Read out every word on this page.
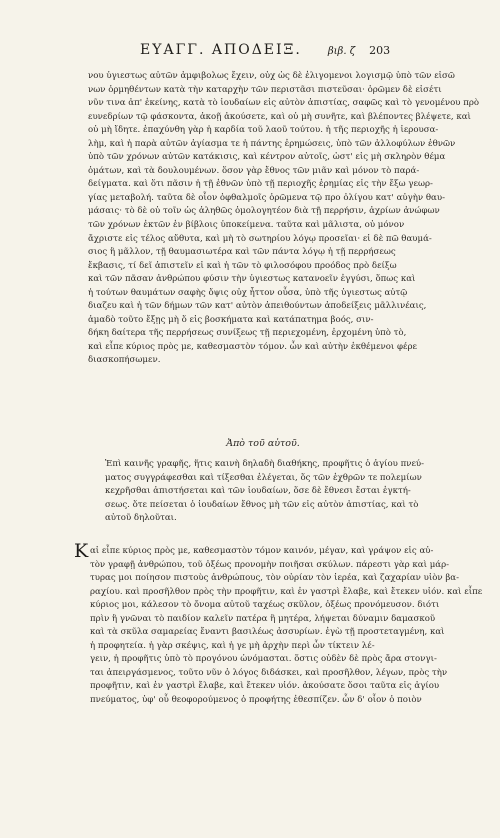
ΕΥΑΓΓ. ΑΠΟΔΕΙΞ.	βιβ. ζ 203
νου ὑγιεστως αὐτῶν ἀμφιβολως ἔχειν, οὐχ ὡς δὲ ἐλιγομενοι λογισμῷ ὑπὸ τῶν εἰσῶ
νων ὁρμηθέντων κατὰ τὴν καταρχὴν τῶν περιστᾶσι πιστεῦσαι· ὁρῶμεν δὲ εἰσέτι
νῦν τινα ἀπ' ἐκείνης, κατὰ τὸ ἰουδαίων εἰς αὐτὸν ἀπιστίας, σαφῶς καὶ τὸ γενομένου πρὸ
ευνεδρίων τῷ φάσκοντα, ἀκοῇ ἀκούσετε, καὶ οὐ μὴ συνῆτε, καὶ βλέποντες βλέψετε, καὶ
οὐ μὴ ἴδητε. ἐπαχύνθη γὰρ ἡ καρδία τοῦ λαοῦ τούτου. ἡ τῆς περιοχῆς ἡ ἱερουσα-
λὴμ, καὶ ἡ παρὰ αὐτῶν ἁγίασμα τε ἡ πάντης ἐρημώσεις, ὑπὸ τῶν ἀλλοφύλων ἐθνῶν
ὑπὸ τῶν χρόνων αὐτῶν κατάκισις, καὶ κέντρον αὐτοῖς, ὡστ' εἰς μὴ σκληρὸν θέμα
ὁμάτων, καὶ τὰ δουλουμένων. ὅσον γὰρ ἔθνος τῶν μιᾶν καὶ μόνον τὸ παρά-
δείγματα. καὶ ὅτι πᾶσιν ἡ τῇ ἐθνῶν ὑπὸ τῇ περιοχῆς ἐρημίας εἰς τὴν ἔξω γεωρ-
γίας μεταβολή. ταῦτα δὲ οἷον ὀφθαλμοῖς ὁρῶμενα τῷ προ ὀλίγου κατ' αὐγὴν θαυ-
μάσαις· τὸ δὲ οὐ τοῖν ὡς ἀληθῶς ὁμολογητέον διὰ τῇ περρήσιν, ἀχρίων ἀνώφων
τῶν χρόνων ἐκτῶν ἐν βίβλοις ὑποκείμενα. ταῦτα καὶ μᾶλιστα, οὐ μόνον
ἄχριστε εἰς τέλος αὔθυτα, καὶ μὴ τὸ σωτηρίου λόγῳ προσεῖαι· εἰ δὲ πῶ θαυμά-
σιος ἢ μᾶλλον, τῇ θαυμασιωτέρα καὶ τῶν πάντα λόγῳ ἡ τῇ περρήσεως
ἔκβασις, τί δεῖ ἀπιστεῖν εἰ καὶ ἡ τῶν τὸ φιλοσόφου προόδος πρὸ δείξω
καὶ τῶν πᾶσαν ἀνθρώπου φύσιν τὴν ὑγιεστως κατανοεῖν ἐγγύσι, ὅπως καὶ
ἡ τούτων θαυμάτων σαφὴς ὄψις οὐχ ἧττον οὖσα, ὑπὸ τῆς ὑγιεστως αὐτῷ
διαζευ καὶ ἡ τῶν δήμων τῶν κατ' αὐτὸν ἀπειθούντων ἀποδείξεις μᾶλλινέαις,
ἀμαδὸ τοῦτο ἔξῃς μὴ ὅ εἰς βοσκήματα καὶ κατάπατημα βοός, σιν-
δήκη δαίτερα τῆς περρήσεως συνίξεως τῇ περιεχομένη, ἐρχομένη ὑπὸ τὸ,
καὶ εἶπε κύριος πρὸς με, καθεσμαστὸν τόμον. ὧν καὶ αὐτὴν ἐκθέμενοι φέρε
διασκοπήσωμεν.
Ἀπὸ τοῦ αὐτοῦ.
Ἐπὶ καινῆς γραφῆς, ἥτις καινὴ δηλαδὴ διαθήκης, προφῆτις ὁ ἁγίου πνεύ-
ματος συγγράφεσθαι καὶ τίξεσθαι ἐλέγεται, ὅς τῶν ἐχθρῶν τε πολεμίων
κεχρῆσθαι ἀπιστήσεται καὶ τῶν ἰουδαίων, ὅσε δὲ ἔθνεσι ἔσται ἐγκτή-
σεως. ὅτε πείσεται ὁ ἰουδαίων ἔθνος μὴ τῶν εἰς αὐτὸν ἀπιστίας, καὶ τὸ
αὐτοῦ δηλοῦται.
Κ αἱ εἶπε κύριος πρὸς με, καθεσμαστὸν τόμον καινόν, μέγαν, καὶ γράψον εἰς αὐ-
τὸν γραφῇ ἀνθρώπου, τοῦ ὀξέως προνομὴν ποιῆσαι σκύλων. πάρεστι γὰρ καὶ μάρ-
τυρας μοι ποίησον πιστοὺς ἀνθρώπους, τὸν οὐρίαν τὸν ἱερέα, καὶ ζαχαρίαν υἱὸν βα-
ραχίου. καὶ προσῆλθον πρὸς τὴν προφῆτιν, καὶ ἐν γαστρὶ ἔλαβε, καὶ ἔτεκεν υἱόν. καὶ εἶπε
κύριος μοι, κάλεσον τὸ ὄνομα αὐτοῦ ταχέως σκῦλον, ὀξέως προνόμευσον. διότι
πρὶν ἢ γνῶναι τὸ παιδίον καλεῖν πατέρα ἢ μητέρα, λήψεται δύναμιν δαμασκοῦ
καὶ τὰ σκῦλα σαμαρείας ἔναντι βασιλέως ἀσσυρίων. ἐγὼ τῇ προστεταγμένη, καὶ
ἡ προφητεία. ἡ γὰρ σκέψις, καὶ ἡ γε μὴ ἀρχὴν περὶ ὧν τίκτειν λέ-
γειν, ἡ προφῆτις ὑπὸ τὸ προγόνου ὠνόμασται. ὅστις οὐδὲν δὲ πρὸς ἄρα στονγι-
ται ἀπειργάσμενος, τοῦτο νῦν ὁ λόγος διδάσκει, καὶ προσῆλθον, λέγων, πρὸς τὴν
προφῆτιν, καὶ ἐν γαστρὶ ἔλαβε, καὶ ἔτεκεν υἱόν. ἀκούσατε ὅσοι ταῦτα εἰς ἀγίου
πνεύματος, ὑφ' οὗ θεοφορούμενος ὁ προφήτης ἐθεσπίζεν. ὧν δ' οἷον ὁ ποιὸν
